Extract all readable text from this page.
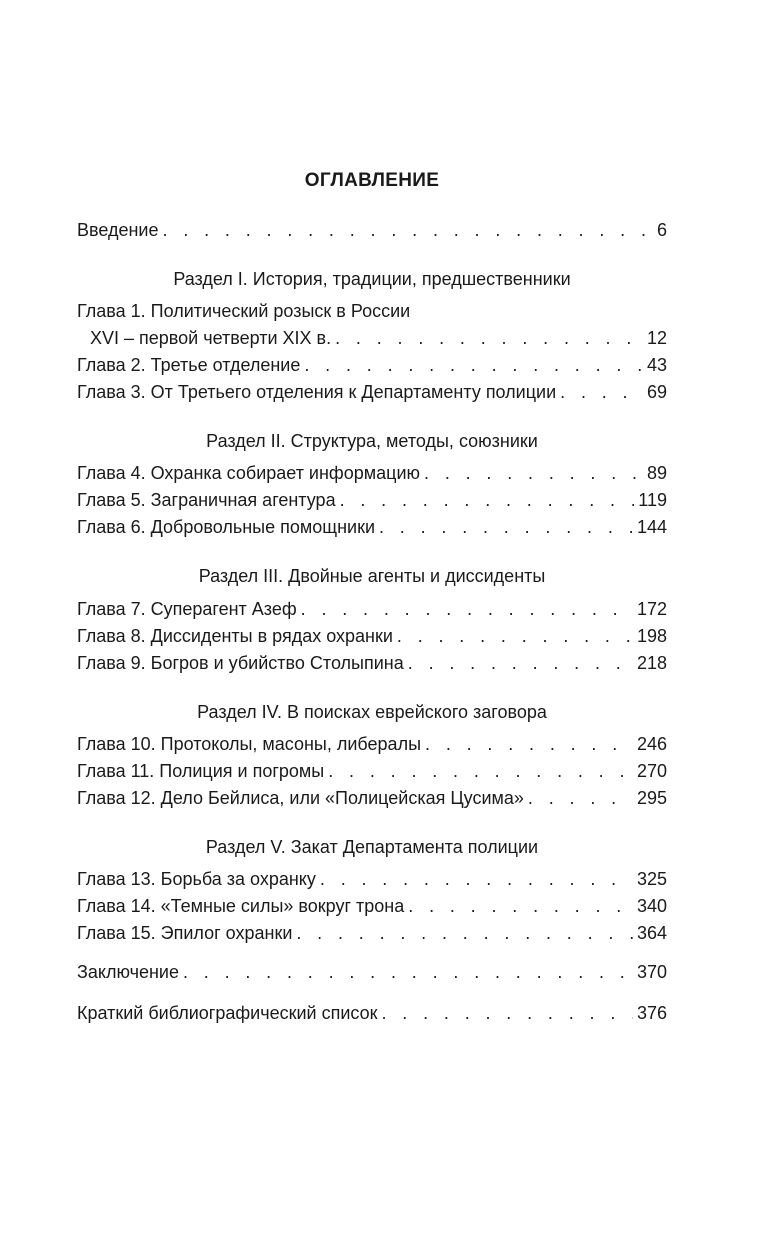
ОГЛАВЛЕНИЕ
Введение . . .	6
Раздел I. История, традиции, предшественники
Глава 1. Политический розыск в России
XVI – первой четверти XIX в. . . .	12
Глава 2. Третье отделение . . .	43
Глава 3. От Третьего отделения к Департаменту полиции . . .	69
Раздел II. Структура, методы, союзники
Глава 4. Охранка собирает информацию . . .	89
Глава 5. Заграничная агентура . . .	119
Глава 6. Добровольные помощники . . .	144
Раздел III. Двойные агенты и диссиденты
Глава 7. Суперагент Азеф . . .	172
Глава 8. Диссиденты в рядах охранки . . .	198
Глава 9. Богров и убийство Столыпина . . .	218
Раздел IV. В поисках еврейского заговора
Глава 10. Протоколы, масоны, либералы . . .	246
Глава 11. Полиция и погромы . . .	270
Глава 12. Дело Бейлиса, или «Полицейская Цусима» . . .	295
Раздел V. Закат Департамента полиции
Глава 13. Борьба за охранку . . .	325
Глава 14. «Темные силы» вокруг трона . . .	340
Глава 15. Эпилог охранки . . .	364
Заключение . . .	370
Краткий библиографический список . . .	376
